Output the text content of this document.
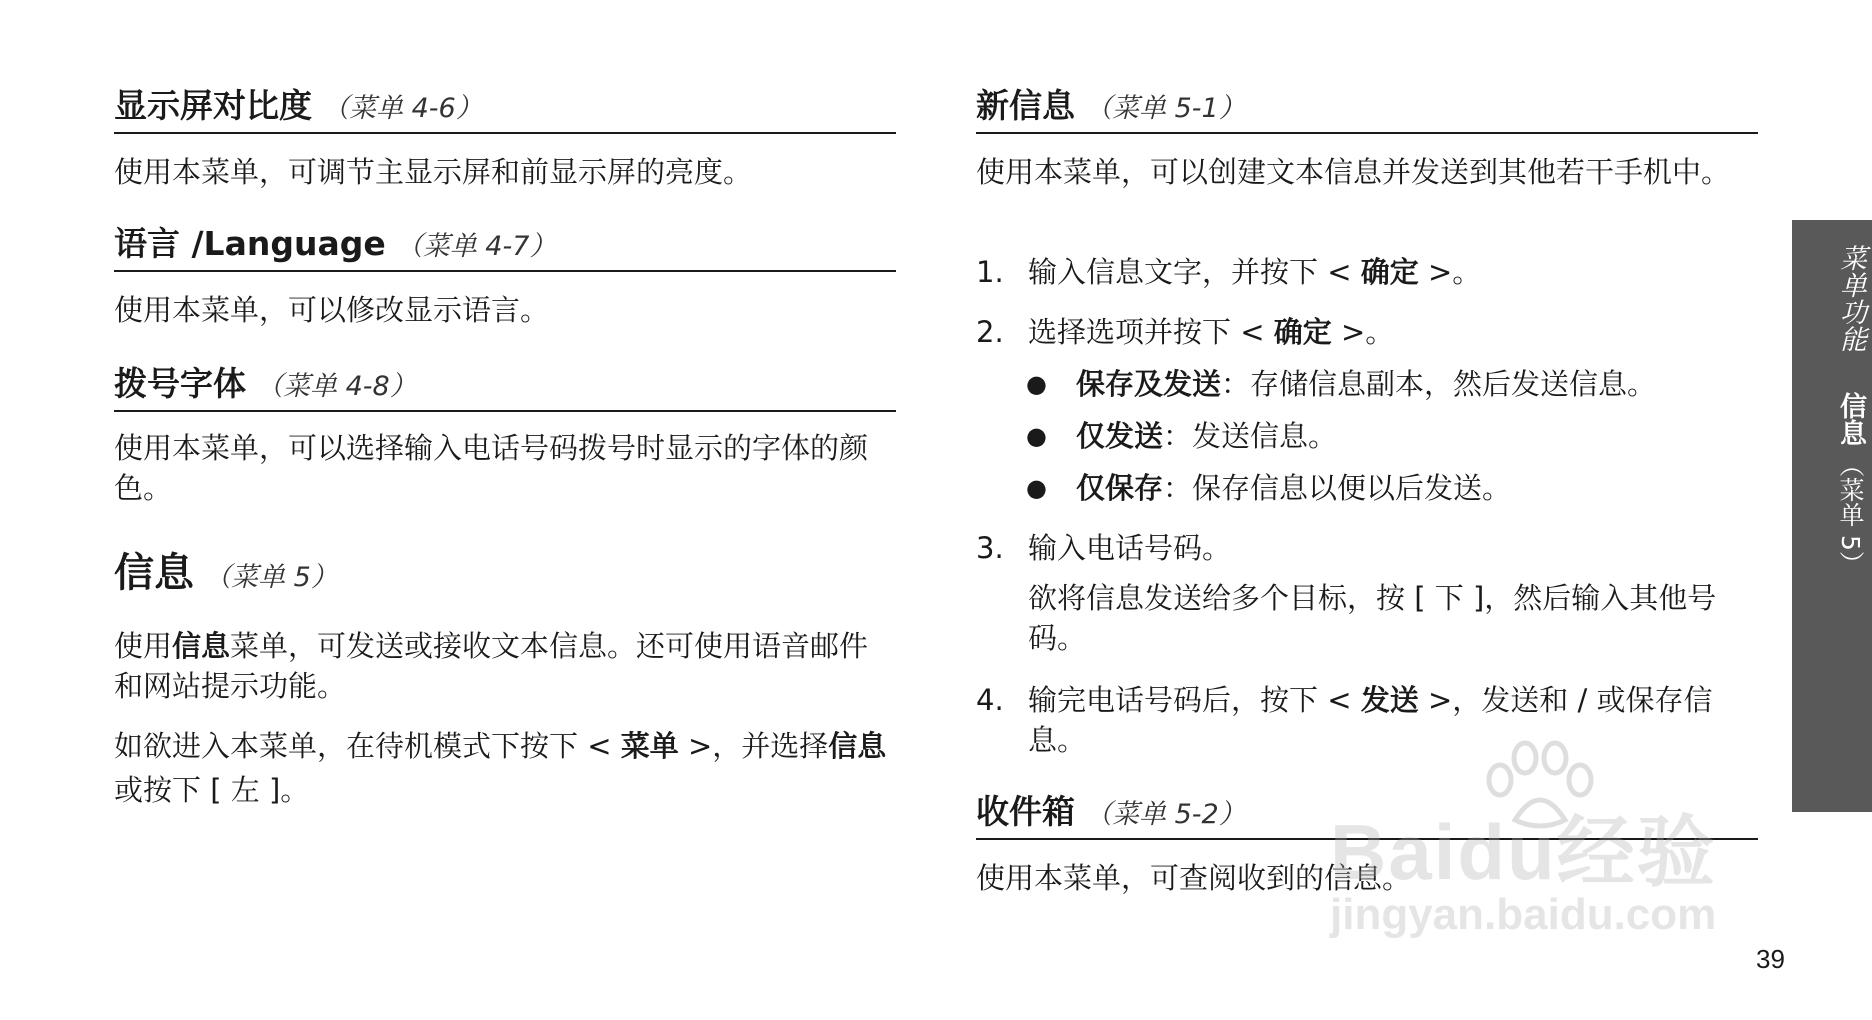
显示屏对比度 （菜单 4-6）

使用本菜单，可调节主显示屏和前显示屏的亮度。

语言 /Language （菜单 4-7）

使用本菜单，可以修改显示语言。

拨号字体 （菜单 4-8）

使用本菜单，可以选择输入电话号码拨号时显示的字体的颜色。

信息 （菜单 5）

使用信息菜单，可发送或接收文本信息。还可使用语音邮件和网站提示功能。

如欲进入本菜单，在待机模式下按下 < 菜单 >，并选择信息或按下 [ 左 ]。

新信息 （菜单 5-1）

使用本菜单，可以创建文本信息并发送到其他若干手机中。

1. 输入信息文字，并按下 < 确定 >。
2. 选择选项并按下 < 确定 >。
●	保存及发送：存储信息副本，然后发送信息。
●	仅发送：发送信息。
●	仅保存：保存信息以便以后发送。
3. 输入电话号码。
欲将信息发送给多个目标，按 [ 下 ]，然后输入其他号码。
4. 输完电话号码后，按下 < 发送 >，发送和 / 或保存信息。
收件箱 （菜单 5-2）

使用本菜单，可查阅收到的信息。

菜单功能信息（菜单 5）
Baidu经验
jingyan.baidu.com
39
